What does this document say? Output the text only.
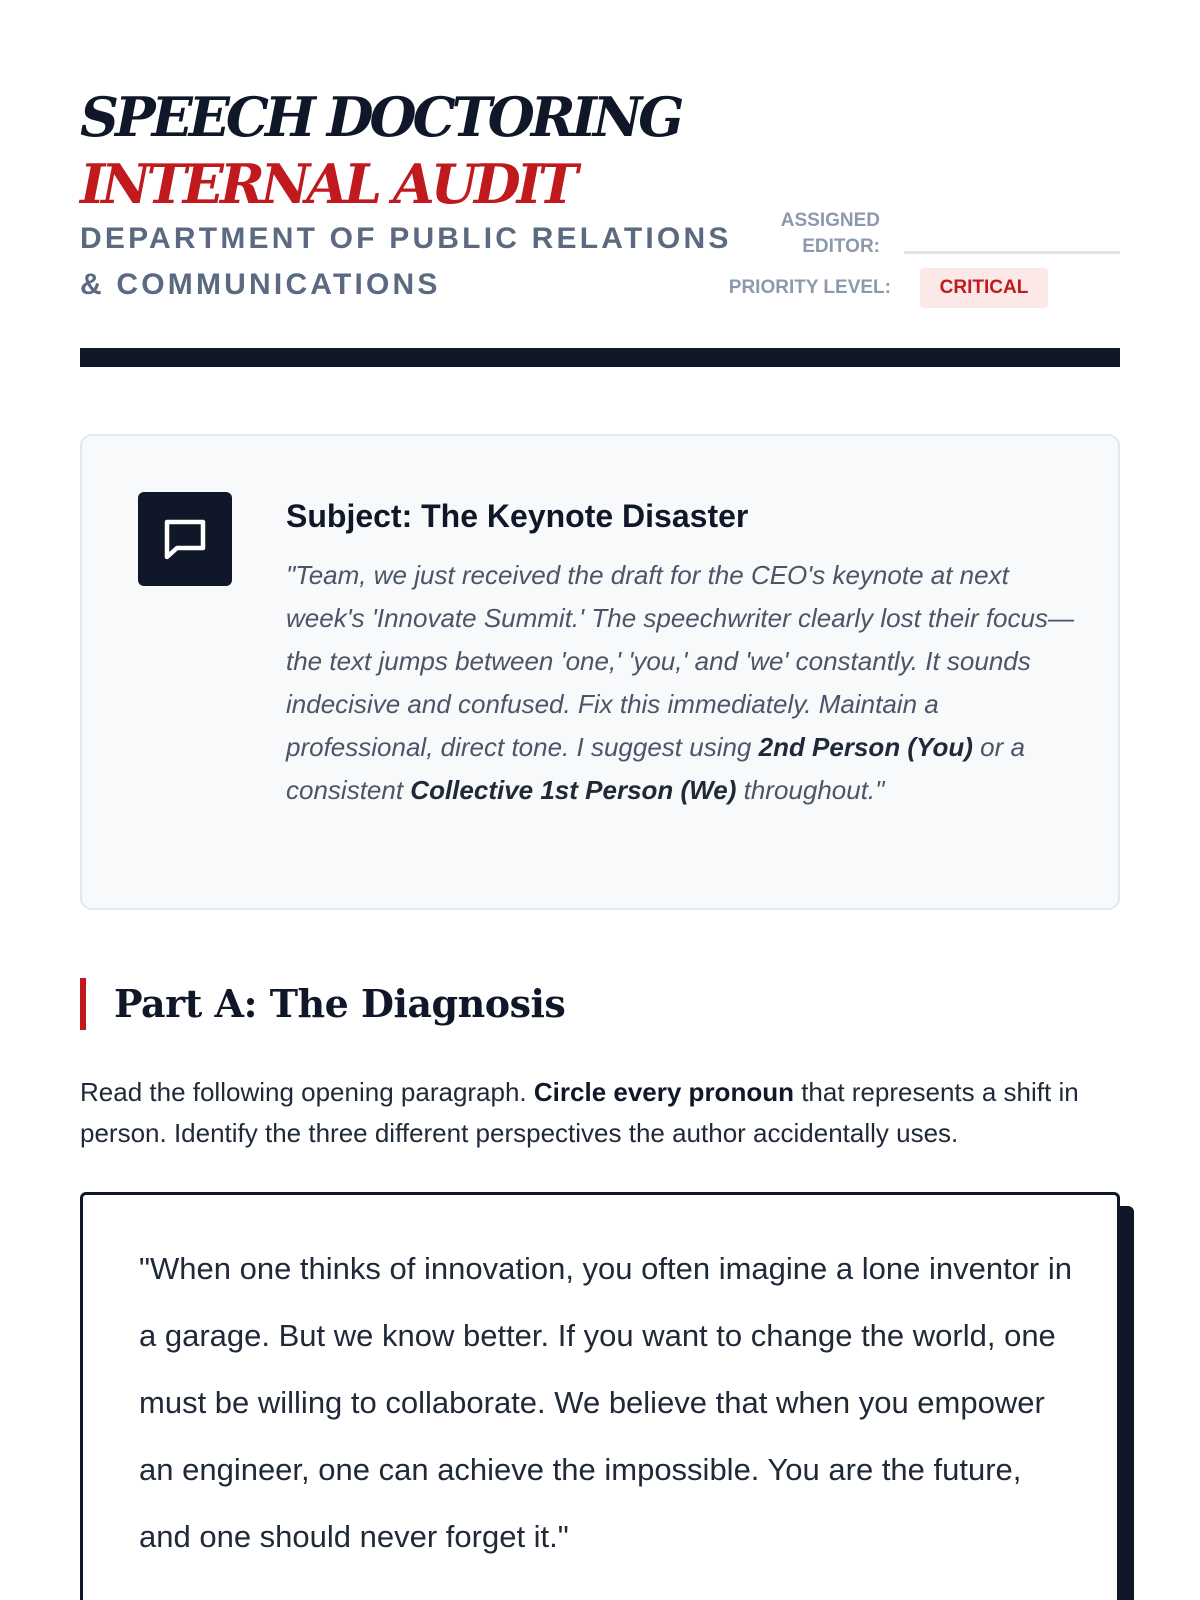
SPEECH DOCTORING
INTERNAL AUDIT
DEPARTMENT OF PUBLIC RELATIONS & COMMUNICATIONS
ASSIGNED
EDITOR:
PRIORITY LEVEL:	CRITICAL
Subject: The Keynote Disaster
"Team, we just received the draft for the CEO's keynote at next week's 'Innovate Summit.' The speechwriter clearly lost their focus—the text jumps between 'one,' 'you,' and 'we' constantly. It sounds indecisive and confused. Fix this immediately. Maintain a professional, direct tone. I suggest using 2nd Person (You) or a consistent Collective 1st Person (We) throughout."
Part A: The Diagnosis
Read the following opening paragraph. Circle every pronoun that represents a shift in person. Identify the three different perspectives the author accidentally uses.
"When one thinks of innovation, you often imagine a lone inventor in a garage. But we know better. If you want to change the world, one must be willing to collaborate. We believe that when you empower an engineer, one can achieve the impossible. You are the future, and one should never forget it."
